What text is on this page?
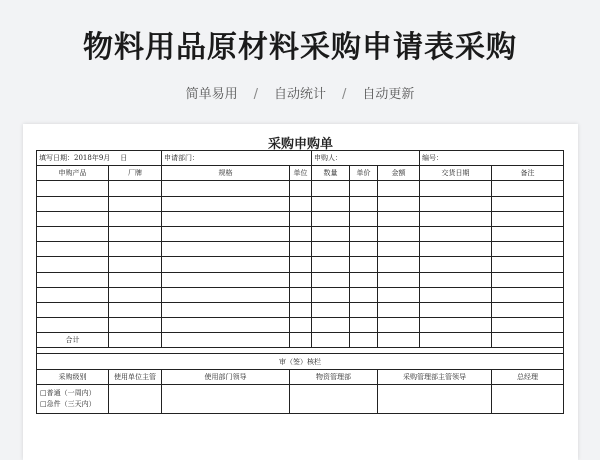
物料用品原材料采购申请表采购
简单易用 / 自动统计 / 自动更新
采购申购单
填写日期：2018年9月 日		申请部门：		申购人：			编号：	
申购产品	厂牌	规格	单位	数量	单价	金额	交货日期	备注

合计								

审（签）核栏								
采购级别	使用单位主管	使用部门领导	物资管理部			采购管理部主管领导		总经理

□普通（一周内）
□急件（三天内）								
